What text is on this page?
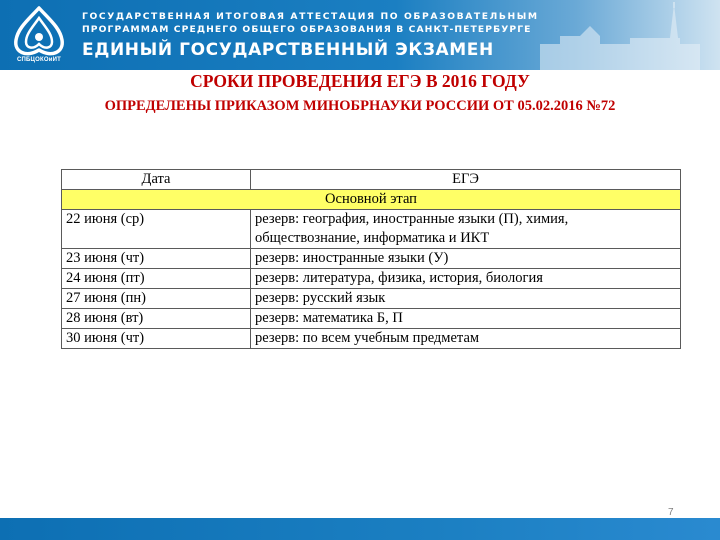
СПБЦОКОиИТ
ГОСУДАРСТВЕННАЯ ИТОГОВАЯ АТТЕСТАЦИЯ ПО ОБРАЗОВАТЕЛЬНЫМ
ПРОГРАММАМ СРЕДНЕГО ОБЩЕГО ОБРАЗОВАНИЯ В САНКТ-ПЕТЕРБУРГЕ
ЕДИНЫЙ ГОСУДАРСТВЕННЫЙ ЭКЗАМЕН
СРОКИ ПРОВЕДЕНИЯ ЕГЭ В 2016 ГОДУ
ОПРЕДЕЛЕНЫ ПРИКАЗОМ МИНОБРНАУКИ РОССИИ ОТ 05.02.2016 №72
Дата	ЕГЭ
Основной этап	
22 июня (ср)	резерв: география, иностранные языки (П), химия,
обществознание, информатика и ИКТ

23 июня (чт)	резерв: иностранные языки (У)
24 июня (пт)	резерв: литература, физика, история, биология
27 июня (пн)	резерв: русский язык
28 июня (вт)	резерв: математика Б, П
30 июня (чт)	резерв: по всем учебным предметам
7
